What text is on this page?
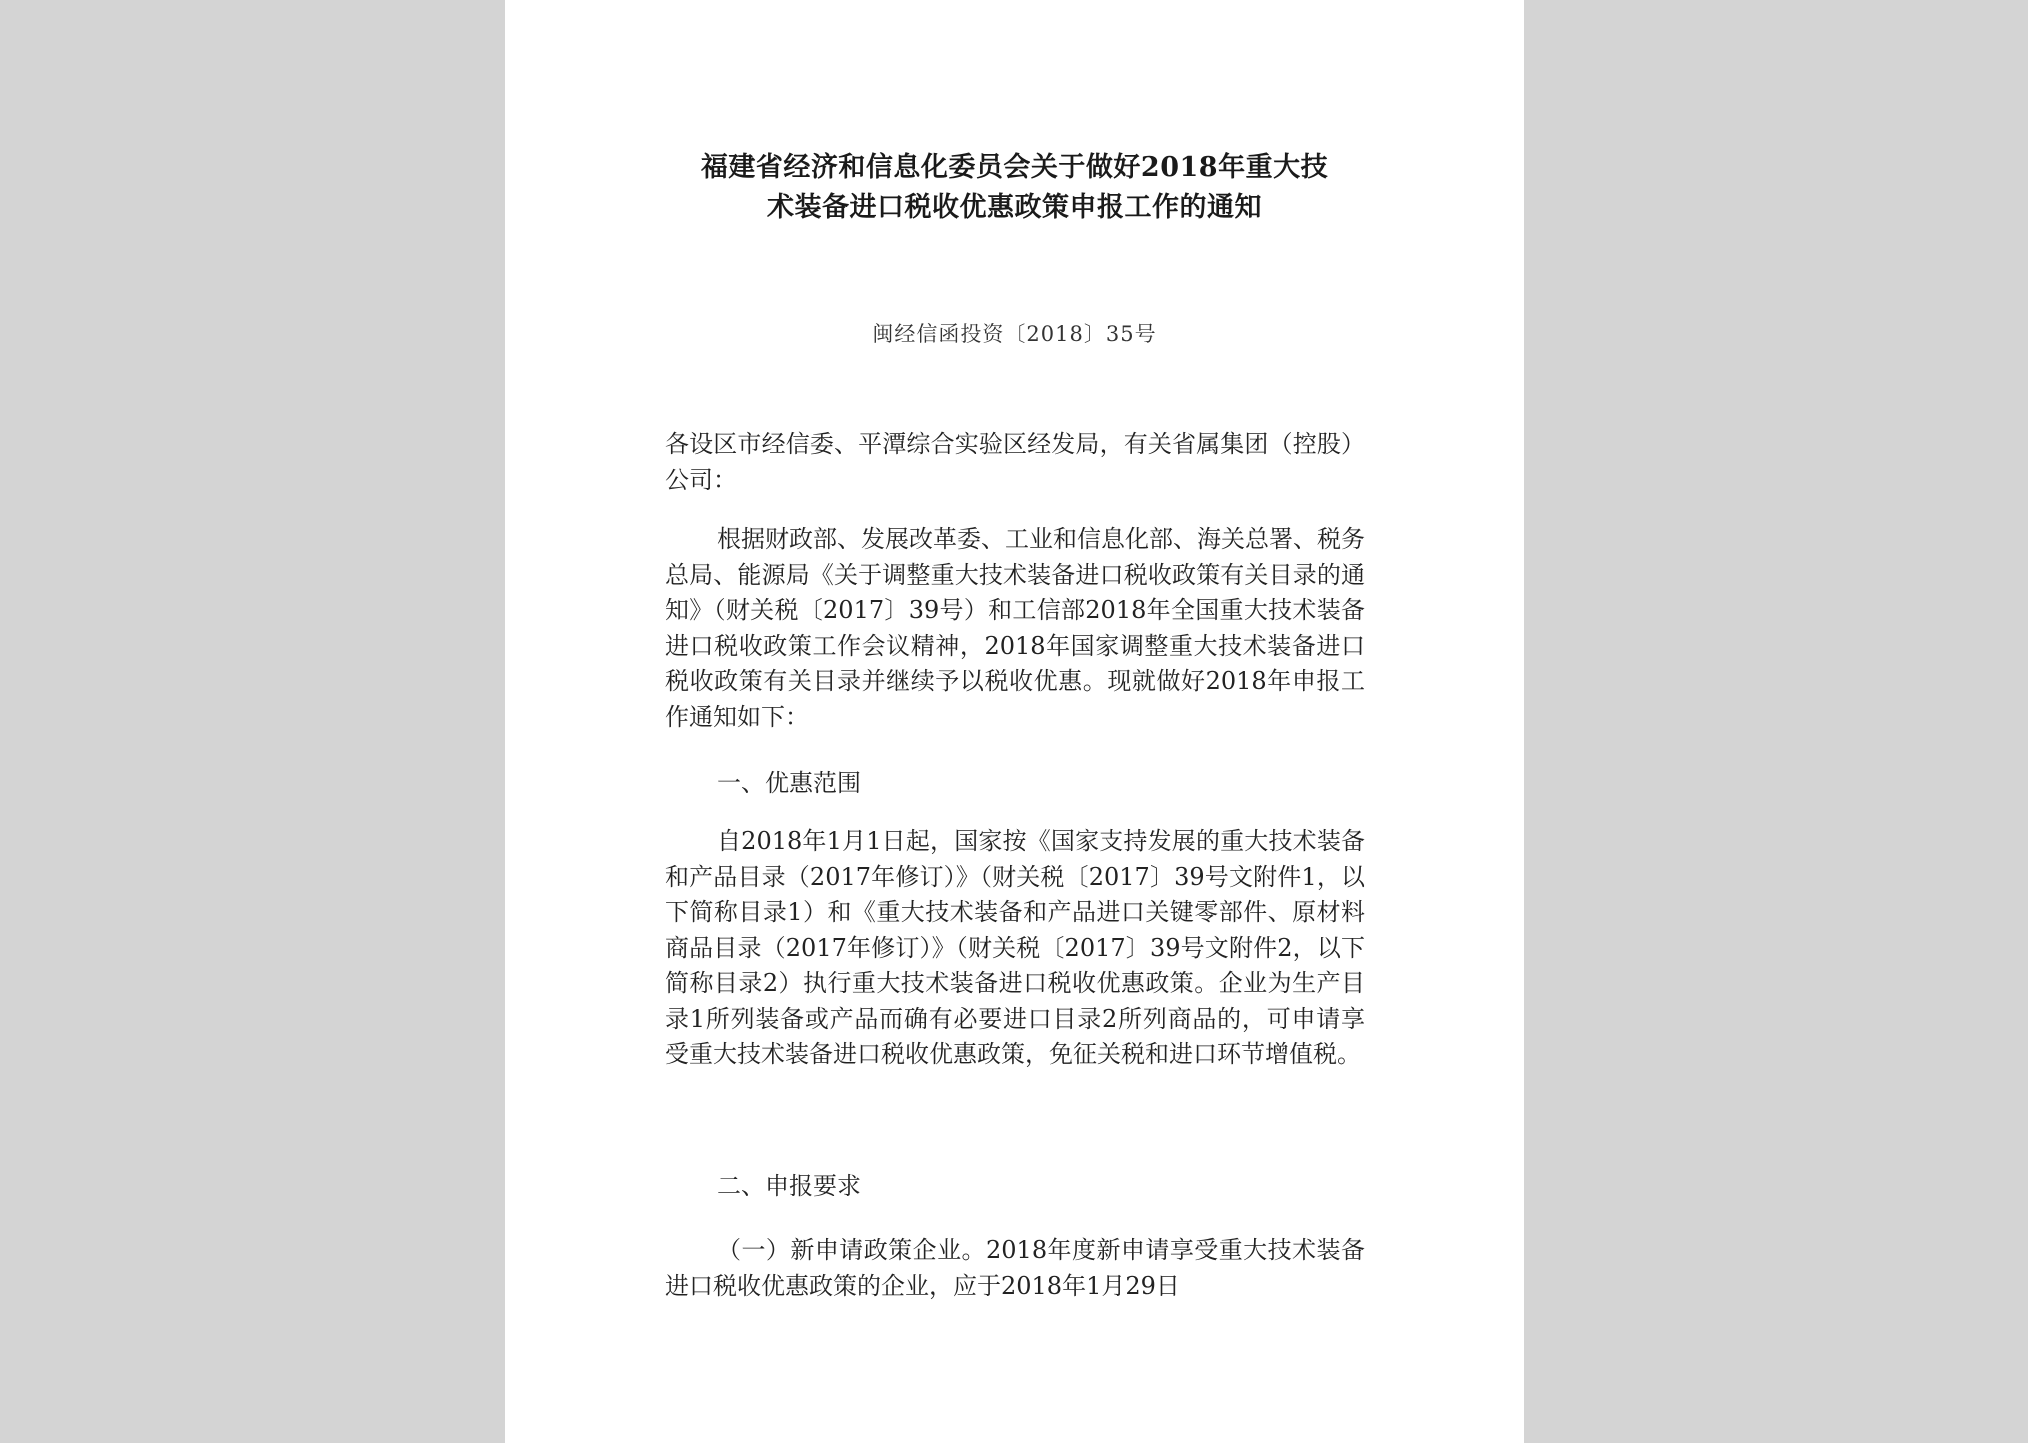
福建省经济和信息化委员会关于做好2018年重大技
术装备进口税收优惠政策申报工作的通知
闽经信函投资〔2018〕35号

各设区市经信委、平潭综合实验区经发局，有关省属集团（控股）公司：

根据财政部、发展改革委、工业和信息化部、海关总署、税务总局、能源局《关于调整重大技术装备进口税收政策有关目录的通知》（财关税〔2017〕39号）和工信部2018年全国重大技术装备进口税收政策工作会议精神，2018年国家调整重大技术装备进口税收政策有关目录并继续予以税收优惠。现就做好2018年申报工作通知如下：

一、优惠范围

自2018年1月1日起，国家按《国家支持发展的重大技术装备和产品目录（2017年修订）》（财关税〔2017〕39号文附件1，以下简称目录1）和《重大技术装备和产品进口关键零部件、原材料商品目录（2017年修订）》（财关税〔2017〕39号文附件2，以下简称目录2）执行重大技术装备进口税收优惠政策。企业为生产目录1所列装备或产品而确有必要进口目录2所列商品的，可申请享受重大技术装备进口税收优惠政策，免征关税和进口环节增值税。

二、申报要求

（一）新申请政策企业。2018年度新申请享受重大技术装备进口税收优惠政策的企业，应于2018年1月29日
